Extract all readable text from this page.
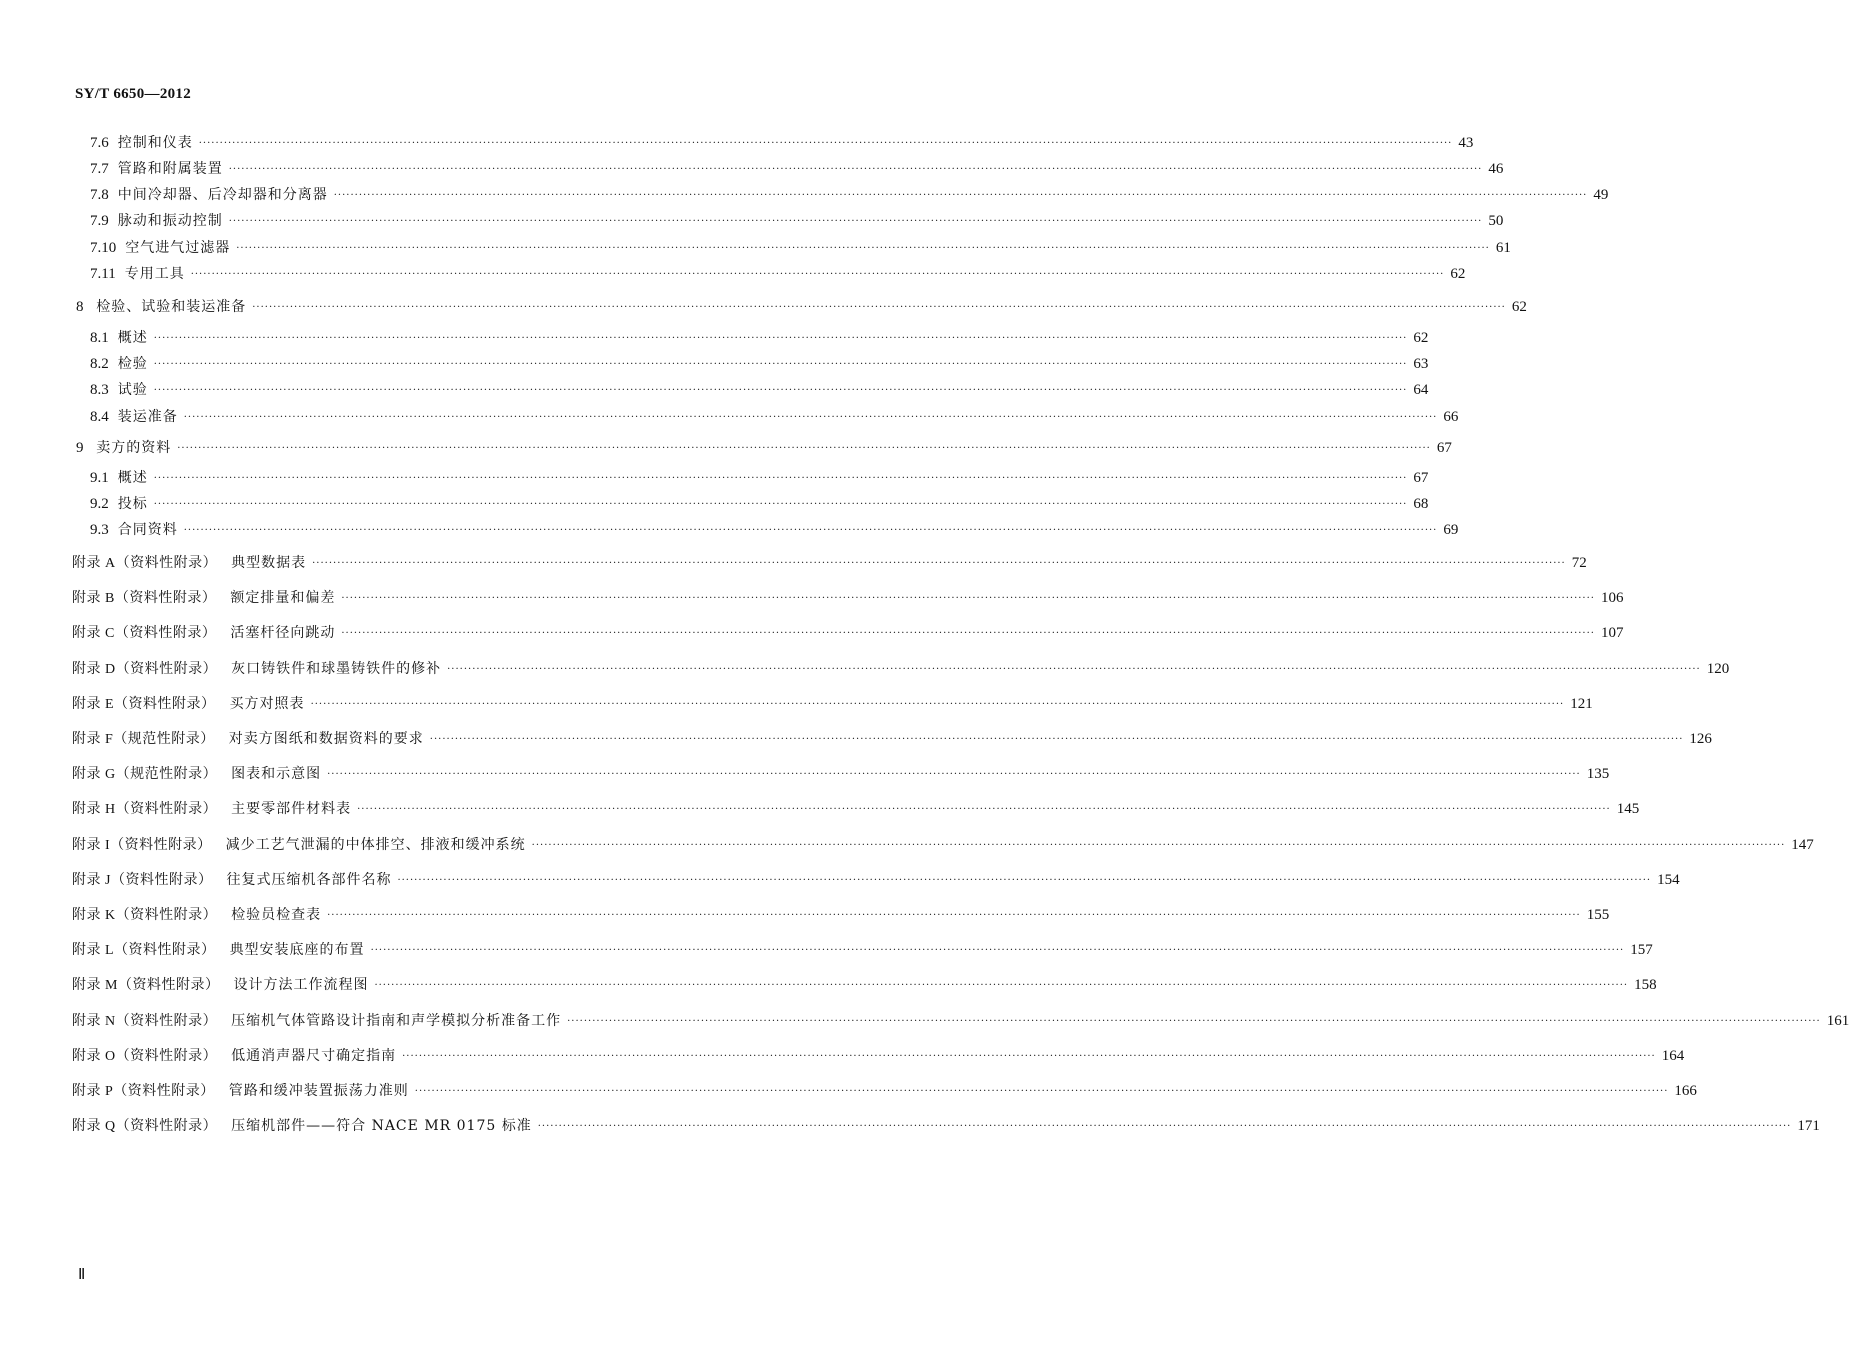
SY/T 6650—2012
7.6 控制和仪表 ············································································································································································································································································································ 43
7.7 管路和附属装置 ············································································································································································································································································································ 46
7.8 中间冷却器、后冷却器和分离器 ············································································································································································································································································································ 49
7.9 脉动和振动控制 ············································································································································································································································································································ 50
7.10 空气进气过滤器 ············································································································································································································································································································ 61
7.11 专用工具 ············································································································································································································································································································ 62
8 检验、试验和装运准备 ············································································································································································································································································································ 62
8.1 概述 ············································································································································································································································································································ 62
8.2 检验 ············································································································································································································································································································ 63
8.3 试验 ············································································································································································································································································································ 64
8.4 装运准备 ············································································································································································································································································································ 66
9 卖方的资料 ············································································································································································································································································································ 67
9.1 概述 ············································································································································································································································································································ 67
9.2 投标 ············································································································································································································································································································ 68
9.3 合同资料 ············································································································································································································································································································ 69
附录 A（资料性附录） 典型数据表 ············································································································································································································································································································ 72
附录 B（资料性附录） 额定排量和偏差 ············································································································································································································································································································ 106
附录 C（资料性附录） 活塞杆径向跳动 ············································································································································································································································································································ 107
附录 D（资料性附录） 灰口铸铁件和球墨铸铁件的修补 ············································································································································································································································································································ 120
附录 E（资料性附录） 买方对照表 ············································································································································································································································································································ 121
附录 F（规范性附录） 对卖方图纸和数据资料的要求 ············································································································································································································································································································ 126
附录 G（规范性附录） 图表和示意图 ············································································································································································································································································································ 135
附录 H（资料性附录） 主要零部件材料表 ············································································································································································································································································································ 145
附录 I（资料性附录） 减少工艺气泄漏的中体排空、排液和缓冲系统 ············································································································································································································································································································ 147
附录 J（资料性附录） 往复式压缩机各部件名称 ············································································································································································································································································································ 154
附录 K（资料性附录） 检验员检查表 ············································································································································································································································································································ 155
附录 L（资料性附录） 典型安装底座的布置 ············································································································································································································································································································ 157
附录 M（资料性附录） 设计方法工作流程图 ············································································································································································································································································································ 158
附录 N（资料性附录） 压缩机气体管路设计指南和声学模拟分析准备工作 ············································································································································································································································································································ 161
附录 O（资料性附录） 低通消声器尺寸确定指南 ············································································································································································································································································································ 164
附录 P（资料性附录） 管路和缓冲装置振荡力准则 ············································································································································································································································································································ 166
附录 Q（资料性附录） 压缩机部件——符合 NACE MR 0175 标准 ············································································································································································································································································································ 171
Ⅱ
